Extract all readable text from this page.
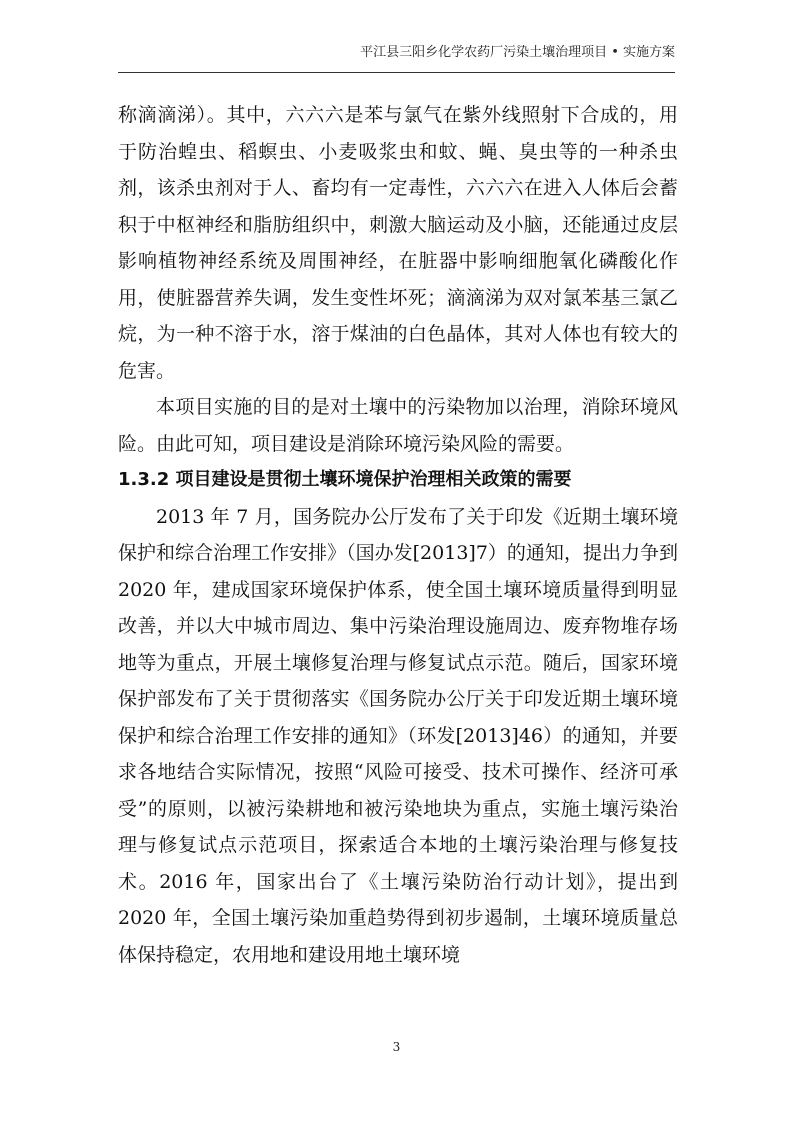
平江县三阳乡化学农药厂污染土壤治理项目 • 实施方案

称滴滴涕）。其中，六六六是苯与氯气在紫外线照射下合成的，用于防治蝗虫、稻螟虫、小麦吸浆虫和蚊、蝇、臭虫等的一种杀虫剂，该杀虫剂对于人、畜均有一定毒性，六六六在进入人体后会蓄积于中枢神经和脂肪组织中，刺激大脑运动及小脑，还能通过皮层影响植物神经系统及周围神经，在脏器中影响细胞氧化磷酸化作用，使脏器营养失调，发生变性坏死；滴滴涕为双对氯苯基三氯乙烷，为一种不溶于水，溶于煤油的白色晶体，其对人体也有较大的危害。

本项目实施的目的是对土壤中的污染物加以治理，消除环境风险。由此可知，项目建设是消除环境污染风险的需要。

1.3.2 项目建设是贯彻土壤环境保护治理相关政策的需要

2013 年 7 月，国务院办公厅发布了关于印发《近期土壤环境保护和综合治理工作安排》（国办发[2013]7）的通知，提出力争到 2020 年，建成国家环境保护体系，使全国土壤环境质量得到明显改善，并以大中城市周边、集中污染治理设施周边、废弃物堆存场地等为重点，开展土壤修复治理与修复试点示范。随后，国家环境保护部发布了关于贯彻落实《国务院办公厅关于印发近期土壤环境保护和综合治理工作安排的通知》（环发[2013]46）的通知，并要求各地结合实际情况，按照“风险可接受、技术可操作、经济可承受”的原则，以被污染耕地和被污染地块为重点，实施土壤污染治理与修复试点示范项目，探索适合本地的土壤污染治理与修复技术。2016 年，国家出台了《土壤污染防治行动计划》，提出到 2020 年，全国土壤污染加重趋势得到初步遏制，土壤环境质量总体保持稳定，农用地和建设用地土壤环境

3
